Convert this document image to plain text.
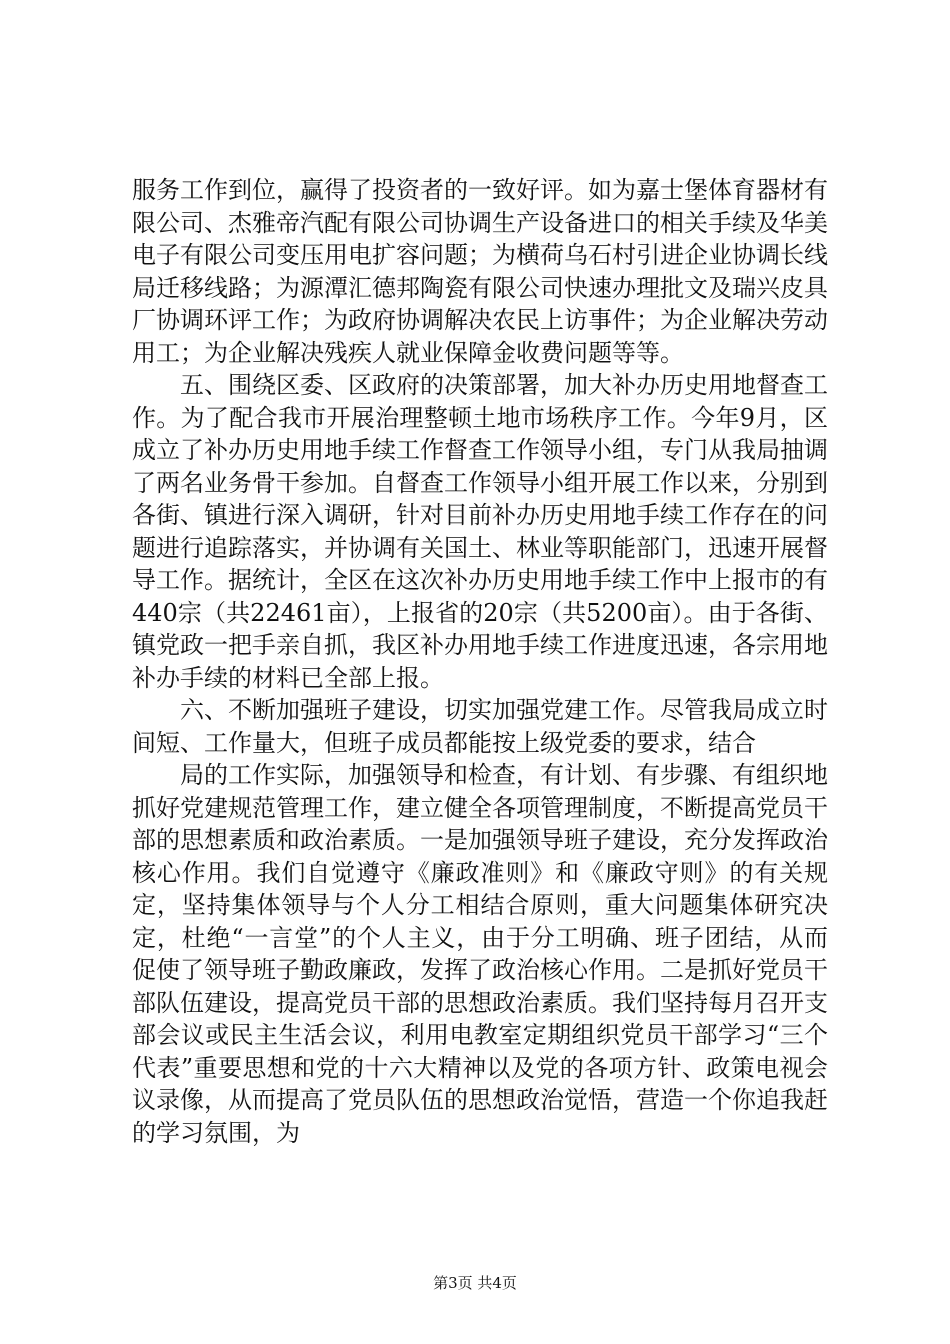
服务工作到位，赢得了投资者的一致好评。如为嘉士堡体育器材有限公司、杰雅帝汽配有限公司协调生产设备进口的相关手续及华美电子有限公司变压用电扩容问题；为横荷乌石村引进企业协调长线局迁移线路；为源潭汇德邦陶瓷有限公司快速办理批文及瑞兴皮具厂协调环评工作；为政府协调解决农民上访事件；为企业解决劳动用工；为企业解决残疾人就业保障金收费问题等等。

五、围绕区委、区政府的决策部署，加大补办历史用地督查工作。为了配合我市开展治理整顿土地市场秩序工作。今年9月，区成立了补办历史用地手续工作督查工作领导小组，专门从我局抽调了两名业务骨干参加。自督查工作领导小组开展工作以来，分别到各街、镇进行深入调研，针对目前补办历史用地手续工作存在的问题进行追踪落实，并协调有关国土、林业等职能部门，迅速开展督导工作。据统计，全区在这次补办历史用地手续工作中上报市的有440宗（共22461亩），上报省的20宗（共5200亩）。由于各街、镇党政一把手亲自抓，我区补办用地手续工作进度迅速，各宗用地补办手续的材料已全部上报。

六、不断加强班子建设，切实加强党建工作。尽管我局成立时间短、工作量大，但班子成员都能按上级党委的要求，结合

局的工作实际，加强领导和检查，有计划、有步骤、有组织地抓好党建规范管理工作，建立健全各项管理制度，不断提高党员干部的思想素质和政治素质。一是加强领导班子建设，充分发挥政治核心作用。我们自觉遵守《廉政准则》和《廉政守则》的有关规定，坚持集体领导与个人分工相结合原则，重大问题集体研究决定，杜绝“一言堂”的个人主义，由于分工明确、班子团结，从而促使了领导班子勤政廉政，发挥了政治核心作用。二是抓好党员干部队伍建设，提高党员干部的思想政治素质。我们坚持每月召开支部会议或民主生活会议，利用电教室定期组织党员干部学习“三个代表”重要思想和党的十六大精神以及党的各项方针、政策电视会议录像，从而提高了党员队伍的思想政治觉悟，营造一个你追我赶的学习氛围，为

第3页 共4页
